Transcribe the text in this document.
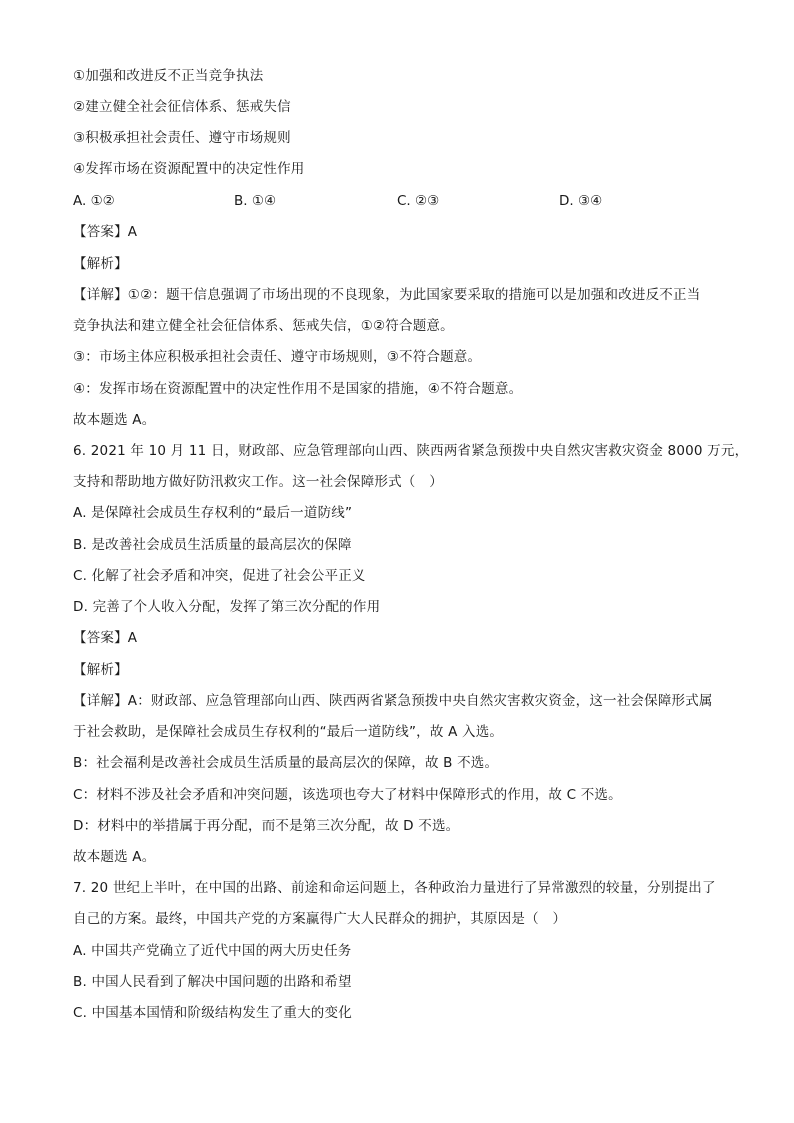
①加强和改进反不正当竞争执法
②建立健全社会征信体系、惩戒失信
③积极承担社会责任、遵守市场规则
④发挥市场在资源配置中的决定性作用
A. ①②	B. ①④	C. ②③	D. ③④
【答案】A
【解析】
【详解】①②：题干信息强调了市场出现的不良现象，为此国家要采取的措施可以是加强和改进反不正当
竞争执法和建立健全社会征信体系、惩戒失信，①②符合题意。
③：市场主体应积极承担社会责任、遵守市场规则，③不符合题意。
④：发挥市场在资源配置中的决定性作用不是国家的措施，④不符合题意。
故本题选 A。
6. 2021 年 10 月 11 日，财政部、应急管理部向山西、陕西两省紧急预拨中央自然灾害救灾资金 8000 万元，
支持和帮助地方做好防汛救灾工作。这一社会保障形式（　）
A. 是保障社会成员生存权利的“最后一道防线”
B. 是改善社会成员生活质量的最高层次的保障
C. 化解了社会矛盾和冲突，促进了社会公平正义
D. 完善了个人收入分配，发挥了第三次分配的作用
【答案】A
【解析】
【详解】A：财政部、应急管理部向山西、陕西两省紧急预拨中央自然灾害救灾资金，这一社会保障形式属
于社会救助，是保障社会成员生存权利的“最后一道防线”，故 A 入选。
B：社会福利是改善社会成员生活质量的最高层次的保障，故 B 不选。
C：材料不涉及社会矛盾和冲突问题，该选项也夸大了材料中保障形式的作用，故 C 不选。
D：材料中的举措属于再分配，而不是第三次分配，故 D 不选。
故本题选 A。
7. 20 世纪上半叶，在中国的出路、前途和命运问题上，各种政治力量进行了异常激烈的较量，分别提出了
自己的方案。最终，中国共产党的方案赢得广大人民群众的拥护，其原因是（　）
A. 中国共产党确立了近代中国的两大历史任务
B. 中国人民看到了解决中国问题的出路和希望
C. 中国基本国情和阶级结构发生了重大的变化
